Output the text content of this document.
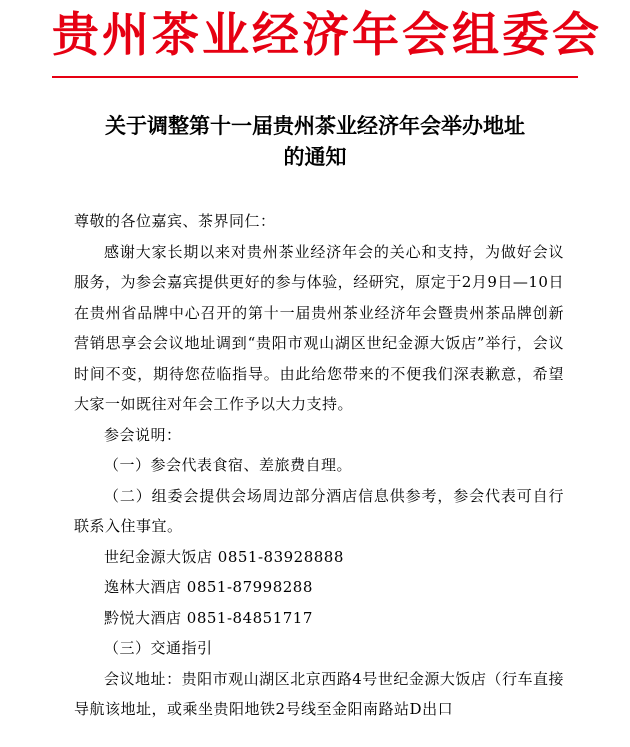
贵州茶业经济年会组委会
关于调整第十一届贵州茶业经济年会举办地址
的通知

尊敬的各位嘉宾、茶界同仁：

感谢大家长期以来对贵州茶业经济年会的关心和支持，为做好会议服务，为参会嘉宾提供更好的参与体验，经研究，原定于2月9日—10日在贵州省品牌中心召开的第十一届贵州茶业经济年会暨贵州茶品牌创新营销思享会会议地址调到“贵阳市观山湖区世纪金源大饭店”举行，会议时间不变，期待您莅临指导。由此给您带来的不便我们深表歉意，希望大家一如既往对年会工作予以大力支持。

参会说明：

（一）参会代表食宿、差旅费自理。

（二）组委会提供会场周边部分酒店信息供参考，参会代表可自行联系入住事宜。

世纪金源大饭店 0851-83928888

逸林大酒店 0851-87998288

黔悦大酒店 0851-84851717

（三）交通指引

会议地址：贵阳市观山湖区北京西路4号世纪金源大饭店（行车直接导航该地址，或乘坐贵阳地铁2号线至金阳南路站D出口
